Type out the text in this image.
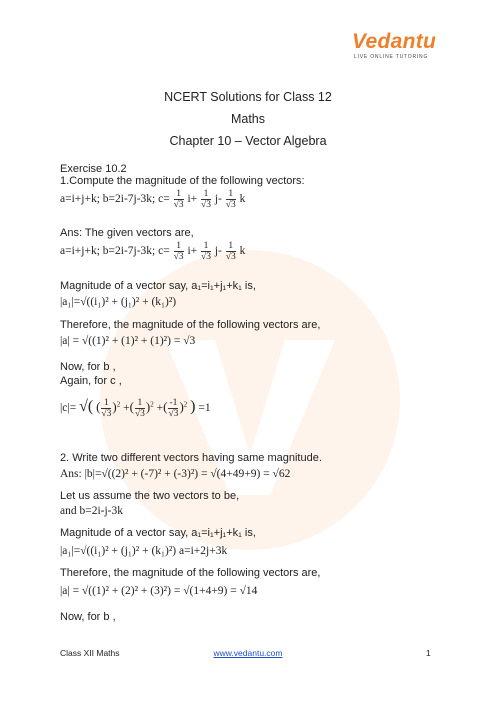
Vedantu
LIVE ONLINE TUTORING
NCERT Solutions for Class 12
Maths
Chapter 10 – Vector Algebra
Exercise 10.2
1.Compute the magnitude of the following vectors:
a=i+j+k; b=2i-7j-3k; $c= \frac{1}{√3} i+ \frac{1}{√3} j- \frac{1}{√3}$ k
Ans: The given vectors are,
a=i+j+k; b=2i-7j-3k; $c= \frac{1}{√3} i+ \frac{1}{√3} j- \frac{1}{√3}$ k
Magnitude of a vector say, a₁=i₁+j₁+k₁ is,
|a₁|=√((i₁)² + (j₁)² + (k₁)²)
Therefore, the magnitude of the following vectors are,
|a| = √((1)² + (1)² + (1)²) = √3
Now, for b ,
Again, for c ,
|c|= √( ( $\frac{1}{√3} )^2$ +( $\frac{1}{√3} )^2$ +( $\frac{-1}{√3} )^2$ ) =1
2. Write two different vectors having same magnitude.
Ans: |b|=√((2)² + (-7)² + (-3)²) = √(4+49+9) = √62
Let us assume the two vectors to be,
and b=2i-j-3k
Magnitude of a vector say, a₁=i₁+j₁+k₁ is,
|a₁|=√((i₁)² + (j₁)² + (k₁)²) a=i+2j+3k
Therefore, the magnitude of the following vectors are,
|a| = √((1)² + (2)² + (3)²) = √(1+4+9) = √14
Now, for b ,
Class XII Maths	www.vedantu.com	1
